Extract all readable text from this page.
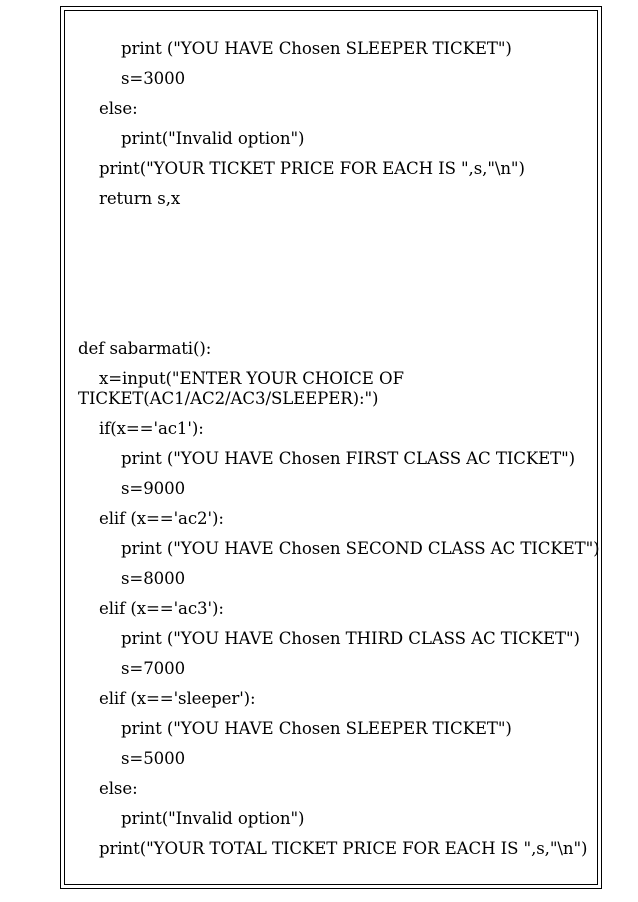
print ("YOU HAVE Chosen SLEEPER TICKET")
s=3000
else:
print("Invalid option")
print("YOUR TICKET PRICE FOR EACH IS ",s,"\n")
return s,x
def sabarmati():
x=input("ENTER YOUR CHOICE OF
TICKET(AC1/AC2/AC3/SLEEPER):")
if(x=='ac1'):
print ("YOU HAVE Chosen FIRST CLASS AC TICKET")
s=9000
elif (x=='ac2'):
print ("YOU HAVE Chosen SECOND CLASS AC TICKET")
s=8000
elif (x=='ac3'):
print ("YOU HAVE Chosen THIRD CLASS AC TICKET")
s=7000
elif (x=='sleeper'):
print ("YOU HAVE Chosen SLEEPER TICKET")
s=5000
else:
print("Invalid option")
print("YOUR TOTAL TICKET PRICE FOR EACH IS ",s,"\n")
